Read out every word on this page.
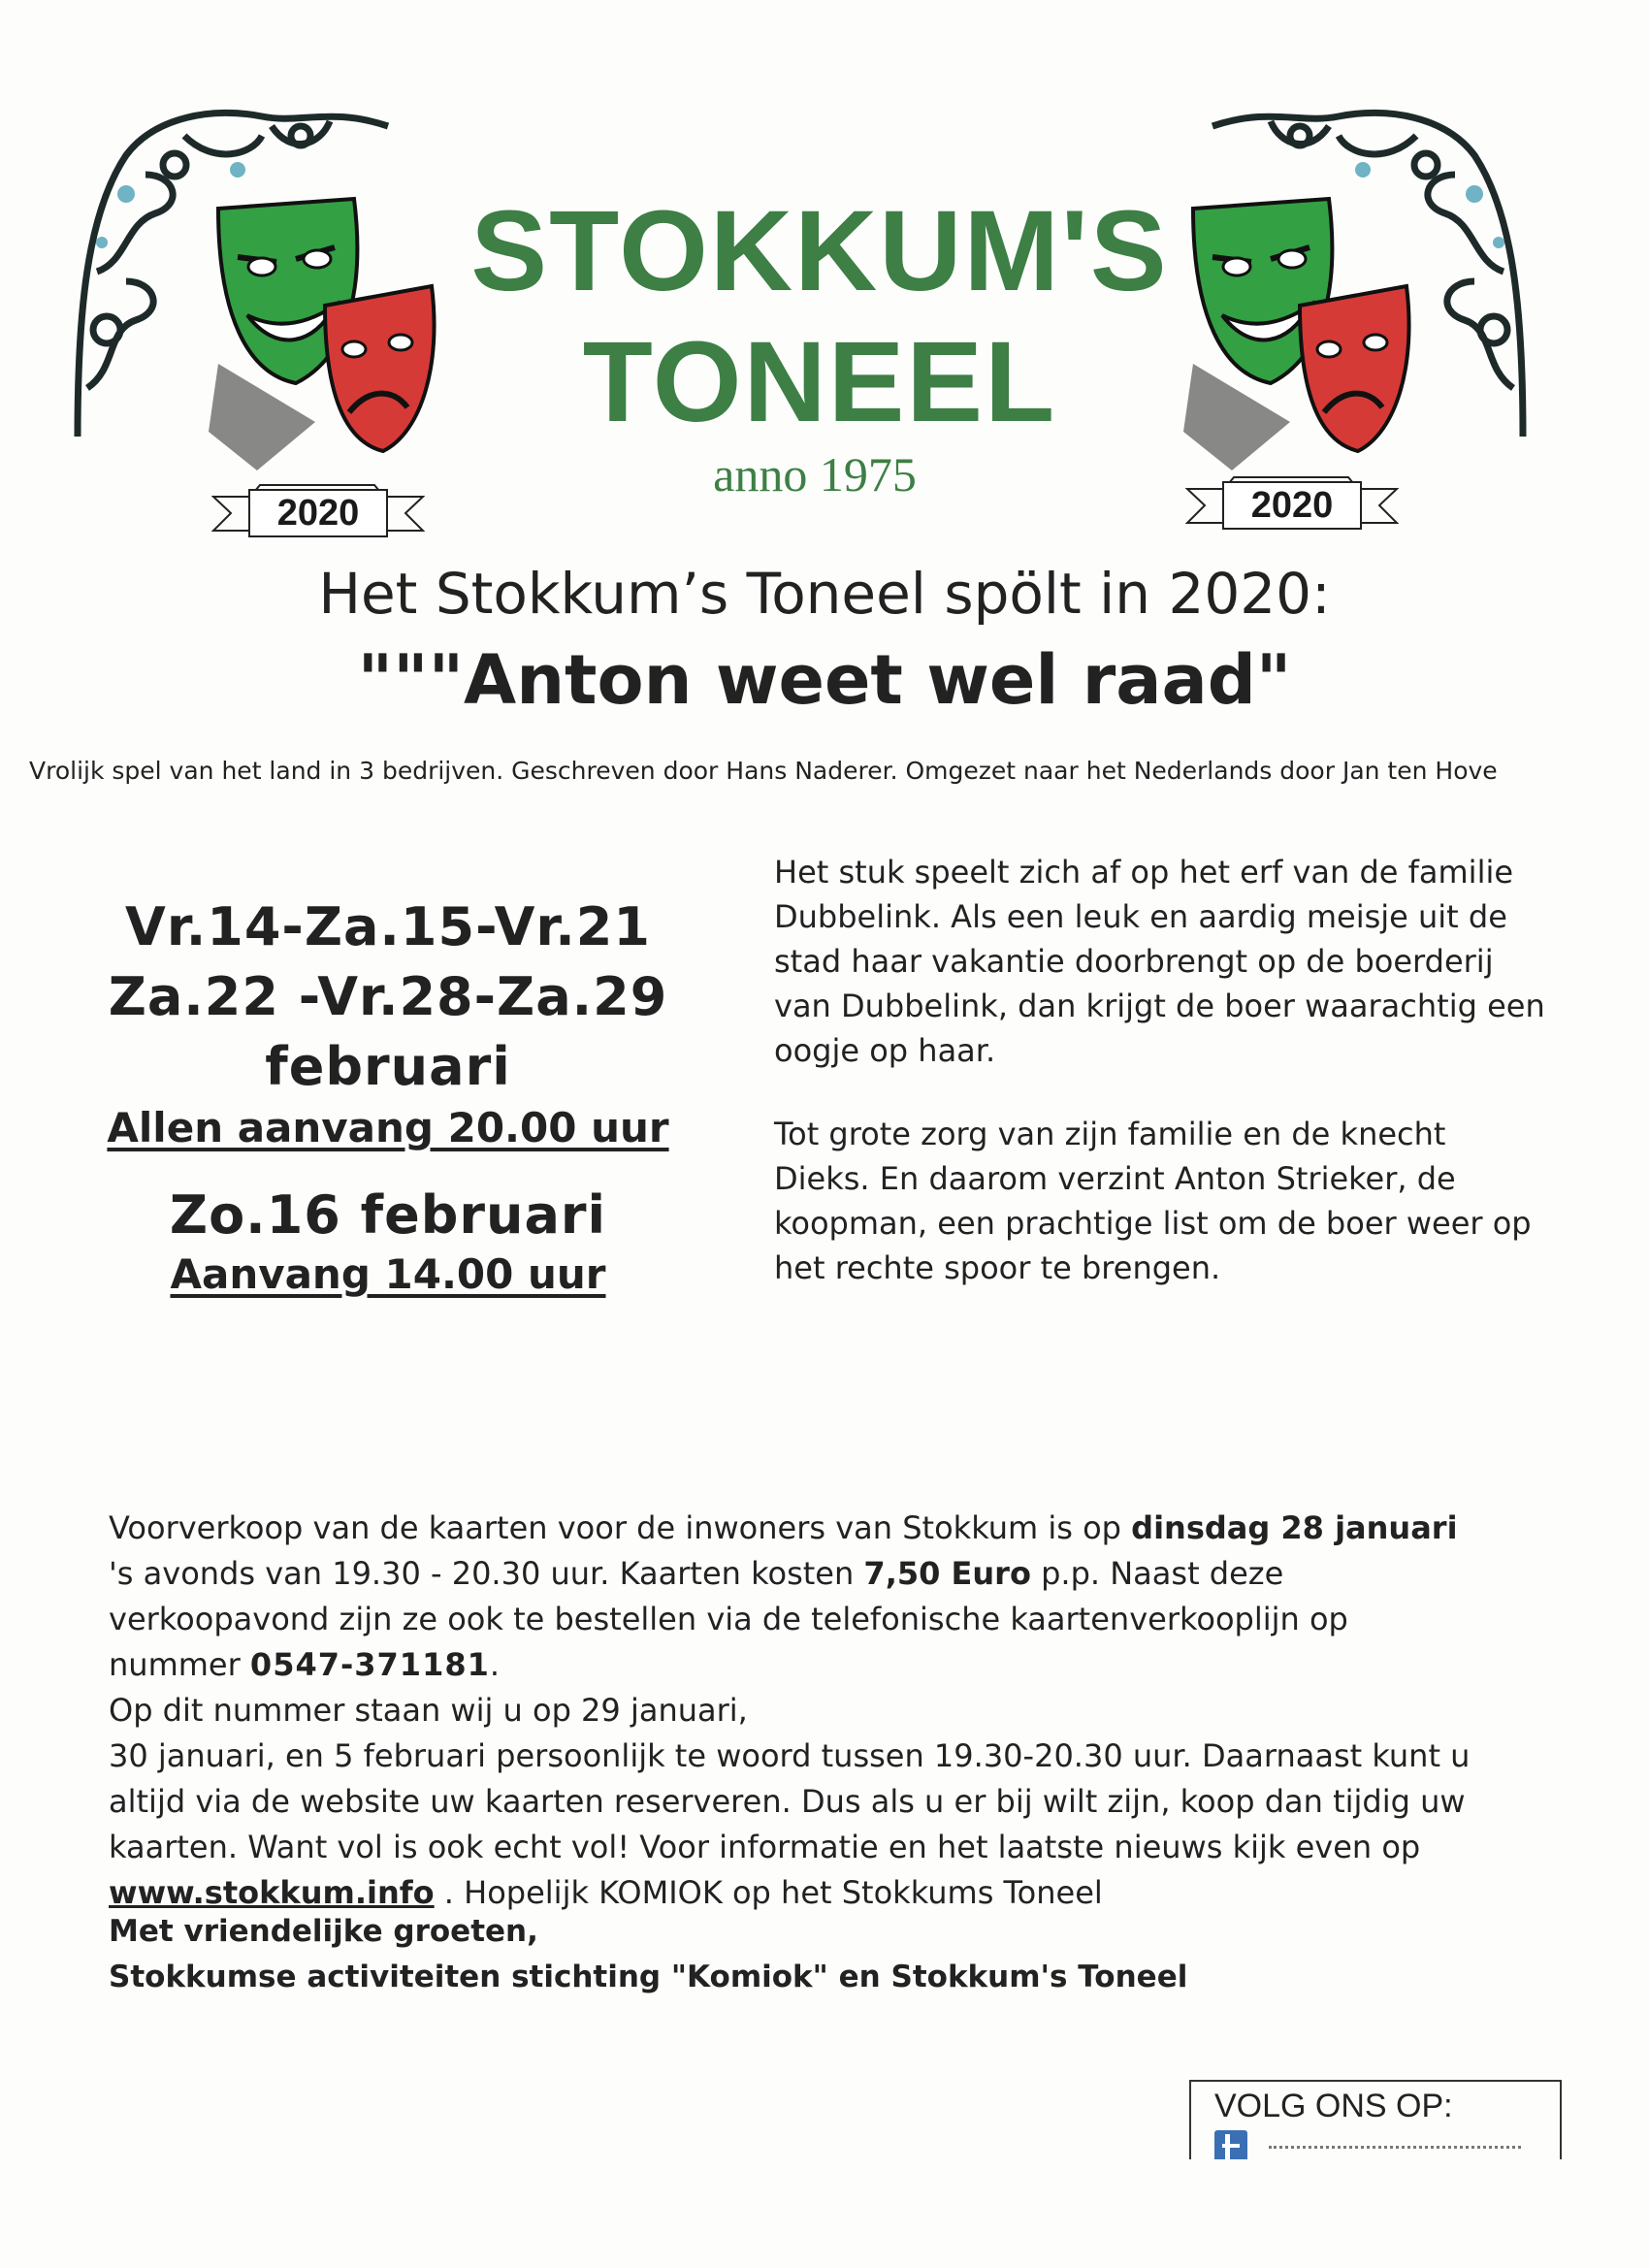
2020	2020
STOKKUM'S
TONEEL
anno 1975
Het Stokkum’s Toneel spölt in 2020:
"""Anton weet wel raad"
Vrolijk spel van het land in 3 bedrijven. Geschreven door Hans Naderer. Omgezet naar het Nederlands door Jan ten Hove
Vr.14-Za.15-Vr.21
Za.22 -Vr.28-Za.29
februari
Allen aanvang 20.00 uur
Zo.16 februari
Aanvang 14.00 uur

Het stuk speelt zich af op het erf van de familie Dubbelink. Als een leuk en aardig meisje uit de stad haar vakantie doorbrengt op de boerderij van Dubbelink, dan krijgt de boer waarachtig een oogje op haar.

Tot grote zorg van zijn familie en de knecht Dieks. En daarom verzint Anton Strieker, de koopman, een prachtige list om de boer weer op het rechte spoor te brengen.

Voorverkoop van de kaarten voor de inwoners van Stokkum is op dinsdag 28 januari
's avonds van 19.30 - 20.30 uur. Kaarten kosten 7,50 Euro p.p. Naast deze verkoopavond zijn ze ook te bestellen via de telefonische kaartenverkooplijn op nummer 0547-371181.

Op dit nummer staan wij u op 29 januari,

30 januari, en 5 februari persoonlijk te woord tussen 19.30-20.30 uur. Daarnaast kunt u altijd via de website uw kaarten reserveren. Dus als u er bij wilt zijn, koop dan tijdig uw kaarten. Want vol is ook echt vol! Voor informatie en het laatste nieuws kijk even op
www.stokkum.info . Hopelijk KOMIOK op het Stokkums Toneel

Met vriendelijke groeten,
Stokkumse activiteiten stichting "Komiok" en Stokkum's Toneel
VOLG ONS OP:
